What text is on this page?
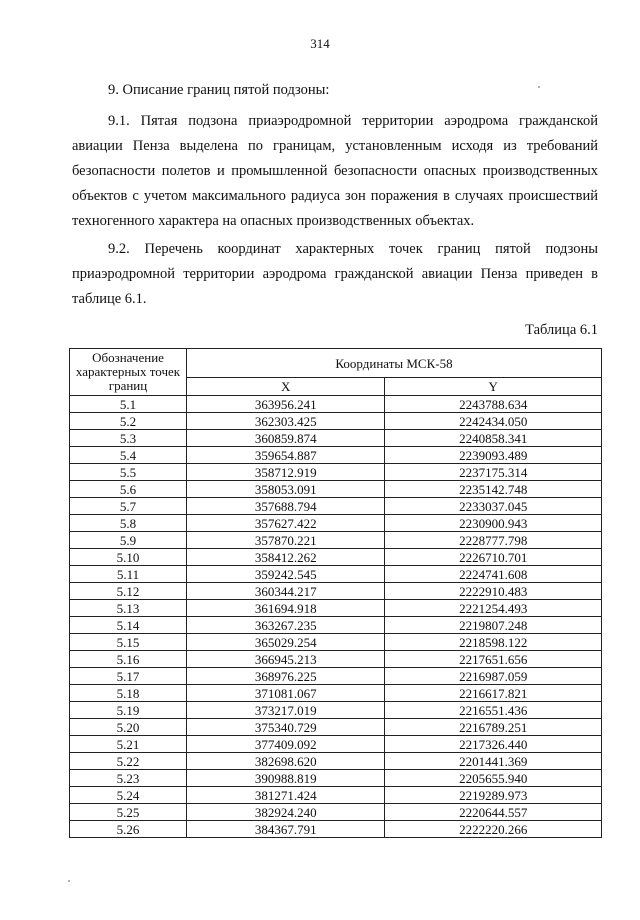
314

9. Описание границ пятой подзоны:

9.1. Пятая подзона приаэродромной территории аэродрома гражданской авиации Пенза выделена по границам, установленным исходя из требований безопасности полетов и промышленной безопасности опасных производственных объектов с учетом максимального радиуса зон поражения в случаях происшествий техногенного характера на опасных производственных объектах.

9.2. Перечень координат характерных точек границ пятой подзоны приаэродромной территории аэродрома гражданской авиации Пенза приведен в таблице 6.1.

Таблица 6.1
Обозначение характерных точек границ	Координаты МСК-58	
	X	Y
5.1	363956.241	2243788.634
5.2	362303.425	2242434.050
5.3	360859.874	2240858.341
5.4	359654.887	2239093.489
5.5	358712.919	2237175.314
5.6	358053.091	2235142.748
5.7	357688.794	2233037.045
5.8	357627.422	2230900.943
5.9	357870.221	2228777.798
5.10	358412.262	2226710.701
5.11	359242.545	2224741.608
5.12	360344.217	2222910.483
5.13	361694.918	2221254.493
5.14	363267.235	2219807.248
5.15	365029.254	2218598.122
5.16	366945.213	2217651.656
5.17	368976.225	2216987.059
5.18	371081.067	2216617.821
5.19	373217.019	2216551.436
5.20	375340.729	2216789.251
5.21	377409.092	2217326.440
5.22	382698.620	2201441.369
5.23	390988.819	2205655.940
5.24	381271.424	2219289.973
5.25	382924.240	2220644.557
5.26	384367.791	2222220.266
